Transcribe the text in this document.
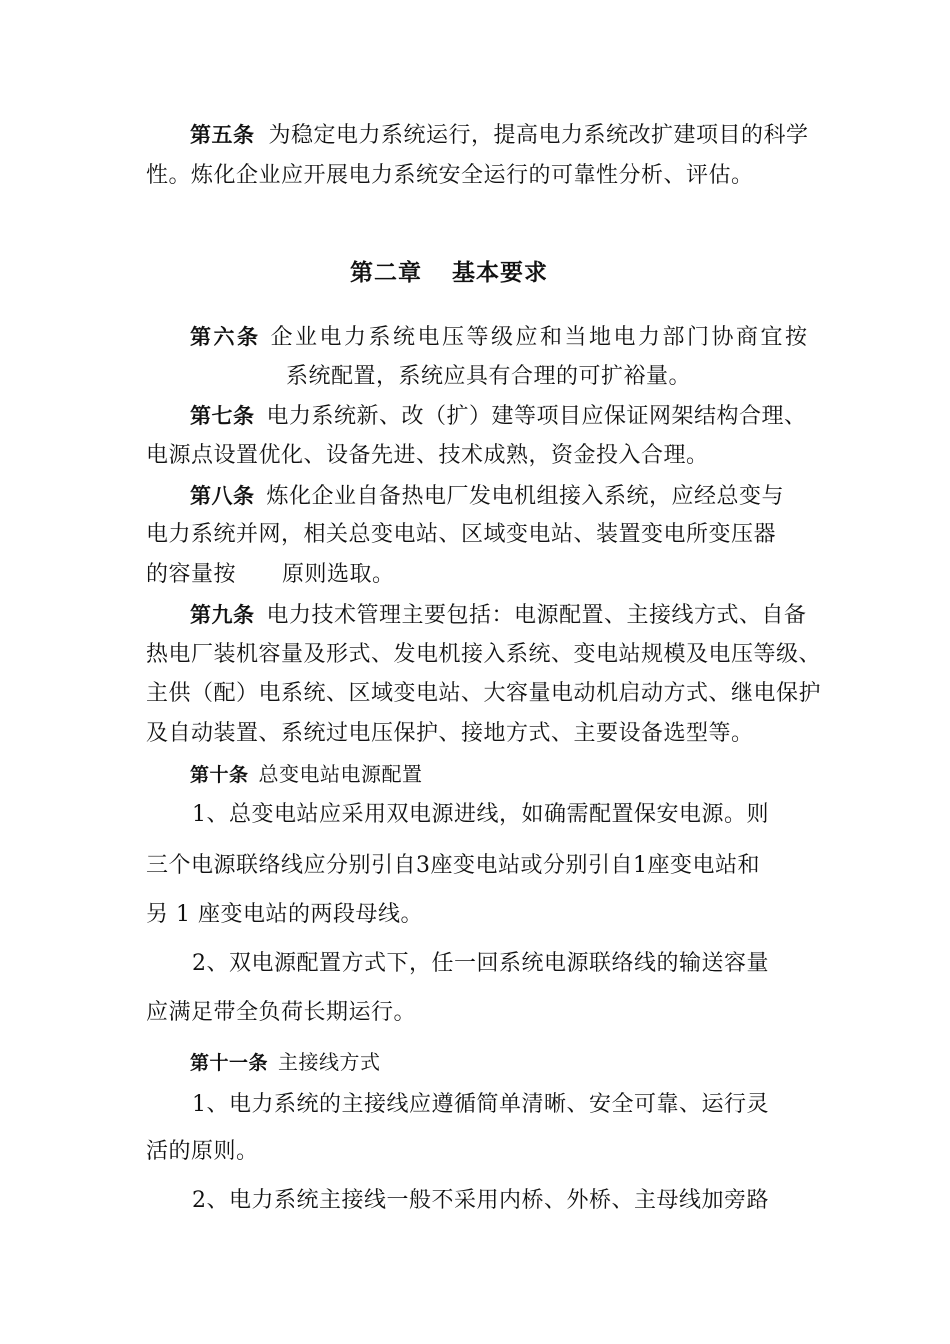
第五条 为稳定电力系统运行，提高电力系统改扩建项目的科学
性。炼化企业应开展电力系统安全运行的可靠性分析、评估。
第二章 基本要求
第六条 企业电力系统电压等级应和当地电力部门协商宜按
系统配置，系统应具有合理的可扩裕量。
第七条 电力系统新、改（扩）建等项目应保证网架结构合理、
电源点设置优化、设备先进、技术成熟，资金投入合理。
第八条 炼化企业自备热电厂发电机组接入系统，应经总变与
电力系统并网，相关总变电站、区域变电站、装置变电所变压器
的容量按 原则选取。
第九条 电力技术管理主要包括：电源配置、主接线方式、自备
热电厂装机容量及形式、发电机接入系统、变电站规模及电压等级、
主供（配）电系统、区域变电站、大容量电动机启动方式、继电保护
及自动装置、系统过电压保护、接地方式、主要设备选型等。
第十条 总变电站电源配置
1、总变电站应采用双电源进线，如确需配置保安电源。则
三个电源联络线应分别引自3座变电站或分别引自1座变电站和
另 1 座变电站的两段母线。
2、双电源配置方式下，任一回系统电源联络线的输送容量
应满足带全负荷长期运行。
第十一条 主接线方式
1、电力系统的主接线应遵循简单清晰、安全可靠、运行灵
活的原则。
2、电力系统主接线一般不采用内桥、外桥、主母线加旁路
